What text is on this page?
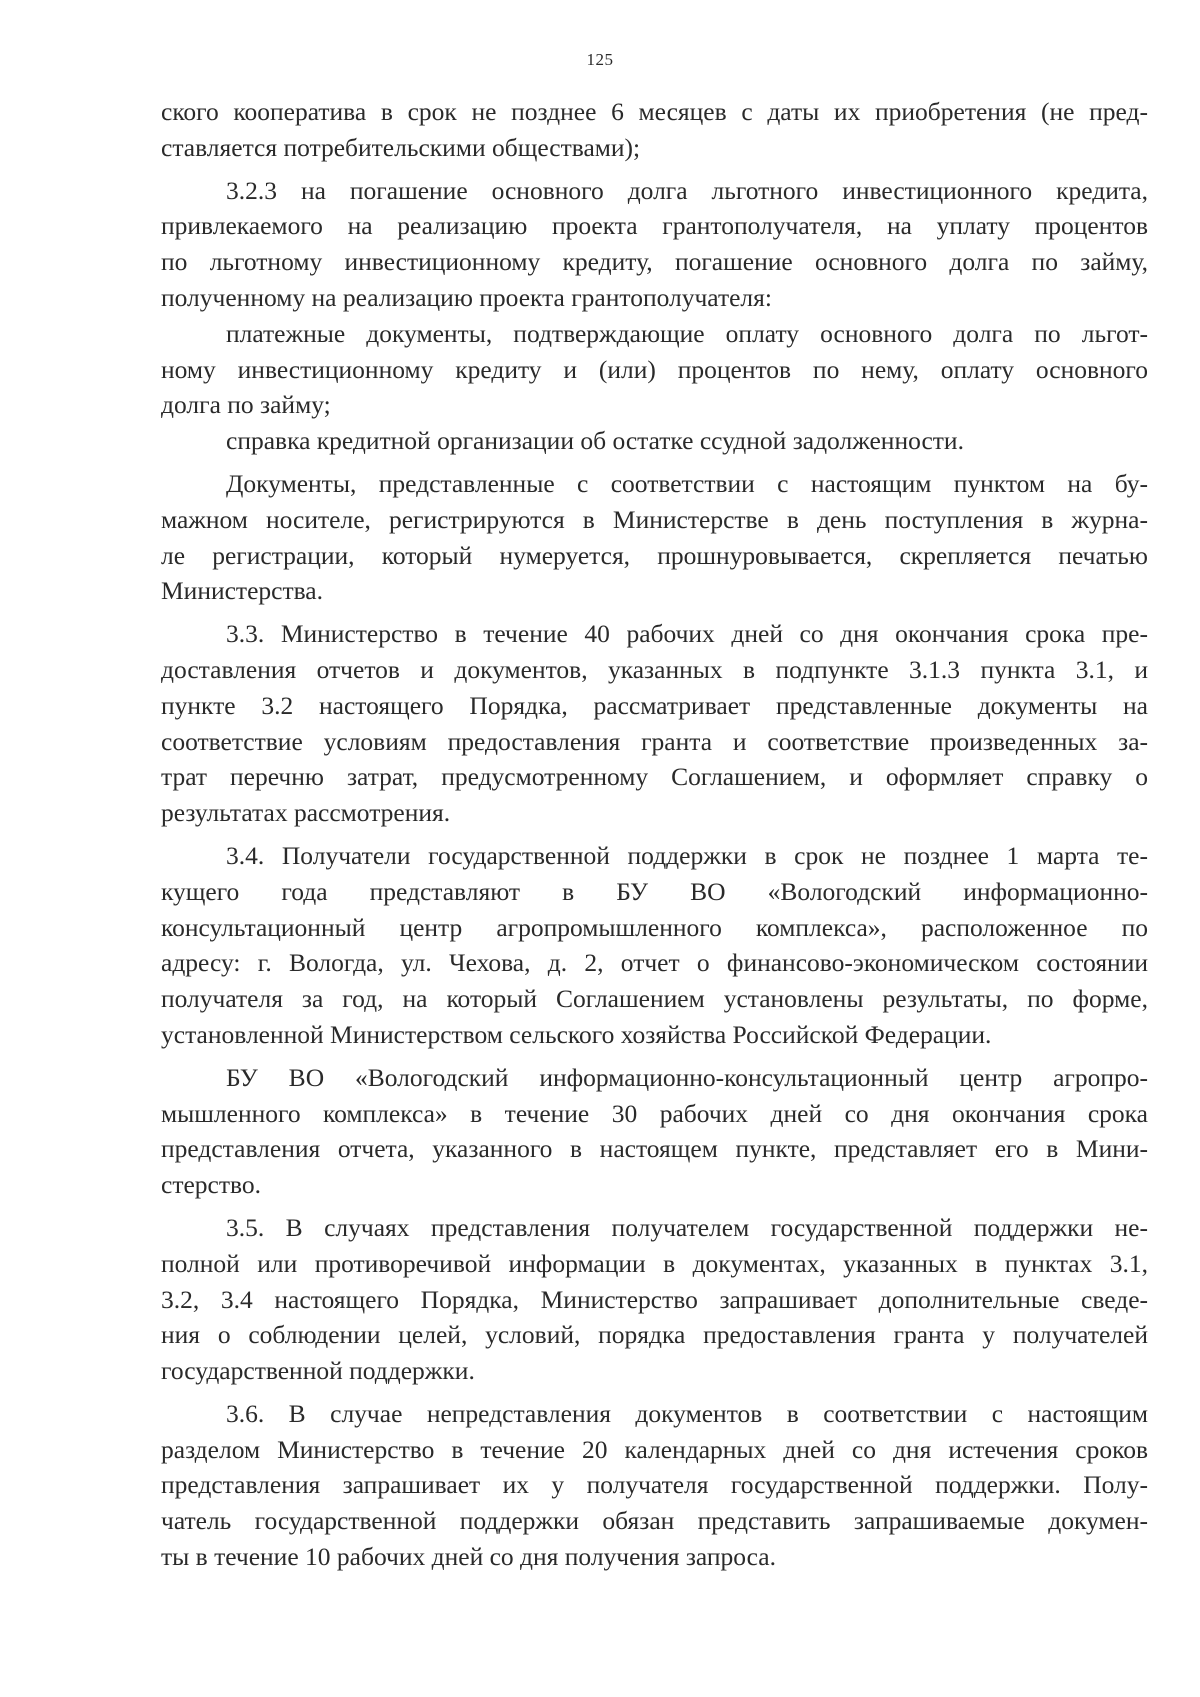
125

ского кооператива в срок не позднее 6 месяцев с даты их приобретения (не пред-
ставляется потребительскими обществами);

3.2.3 на погашение основного долга льготного инвестиционного кредита,
привлекаемого на реализацию проекта грантополучателя, на уплату процентов
по льготному инвестиционному кредиту, погашение основного долга по займу,
полученному на реализацию проекта грантополучателя:

платежные документы, подтверждающие оплату основного долга по льгот-
ному инвестиционному кредиту и (или) процентов по нему, оплату основного
долга по займу;

справка кредитной организации об остатке ссудной задолженности.

Документы, представленные с соответствии с настоящим пунктом на бу-
мажном носителе, регистрируются в Министерстве в день поступления в журна-
ле регистрации, который нумеруется, прошнуровывается, скрепляется печатью
Министерства.

3.3. Министерство в течение 40 рабочих дней со дня окончания срока пре-
доставления отчетов и документов, указанных в подпункте 3.1.3 пункта 3.1, и
пункте 3.2 настоящего Порядка, рассматривает представленные документы на
соответствие условиям предоставления гранта и соответствие произведенных за-
трат перечню затрат, предусмотренному Соглашением, и оформляет справку о
результатах рассмотрения.

3.4. Получатели государственной поддержки в срок не позднее 1 марта те-
кущего года представляют в БУ ВО «Вологодский информационно-
консультационный центр агропромышленного комплекса», расположенное по
адресу: г. Вологда, ул. Чехова, д. 2, отчет о финансово-экономическом состоянии
получателя за год, на который Соглашением установлены результаты, по форме,
установленной Министерством сельского хозяйства Российской Федерации.

БУ ВО «Вологодский информационно-консультационный центр агропро-
мышленного комплекса» в течение 30 рабочих дней со дня окончания срока
представления отчета, указанного в настоящем пункте, представляет его в Мини-
стерство.

3.5. В случаях представления получателем государственной поддержки не-
полной или противоречивой информации в документах, указанных в пунктах 3.1,
3.2, 3.4 настоящего Порядка, Министерство запрашивает дополнительные сведе-
ния о соблюдении целей, условий, порядка предоставления гранта у получателей
государственной поддержки.

3.6. В случае непредставления документов в соответствии с настоящим
разделом Министерство в течение 20 календарных дней со дня истечения сроков
представления запрашивает их у получателя государственной поддержки. Полу-
чатель государственной поддержки обязан представить запрашиваемые докумен-
ты в течение 10 рабочих дней со дня получения запроса.
